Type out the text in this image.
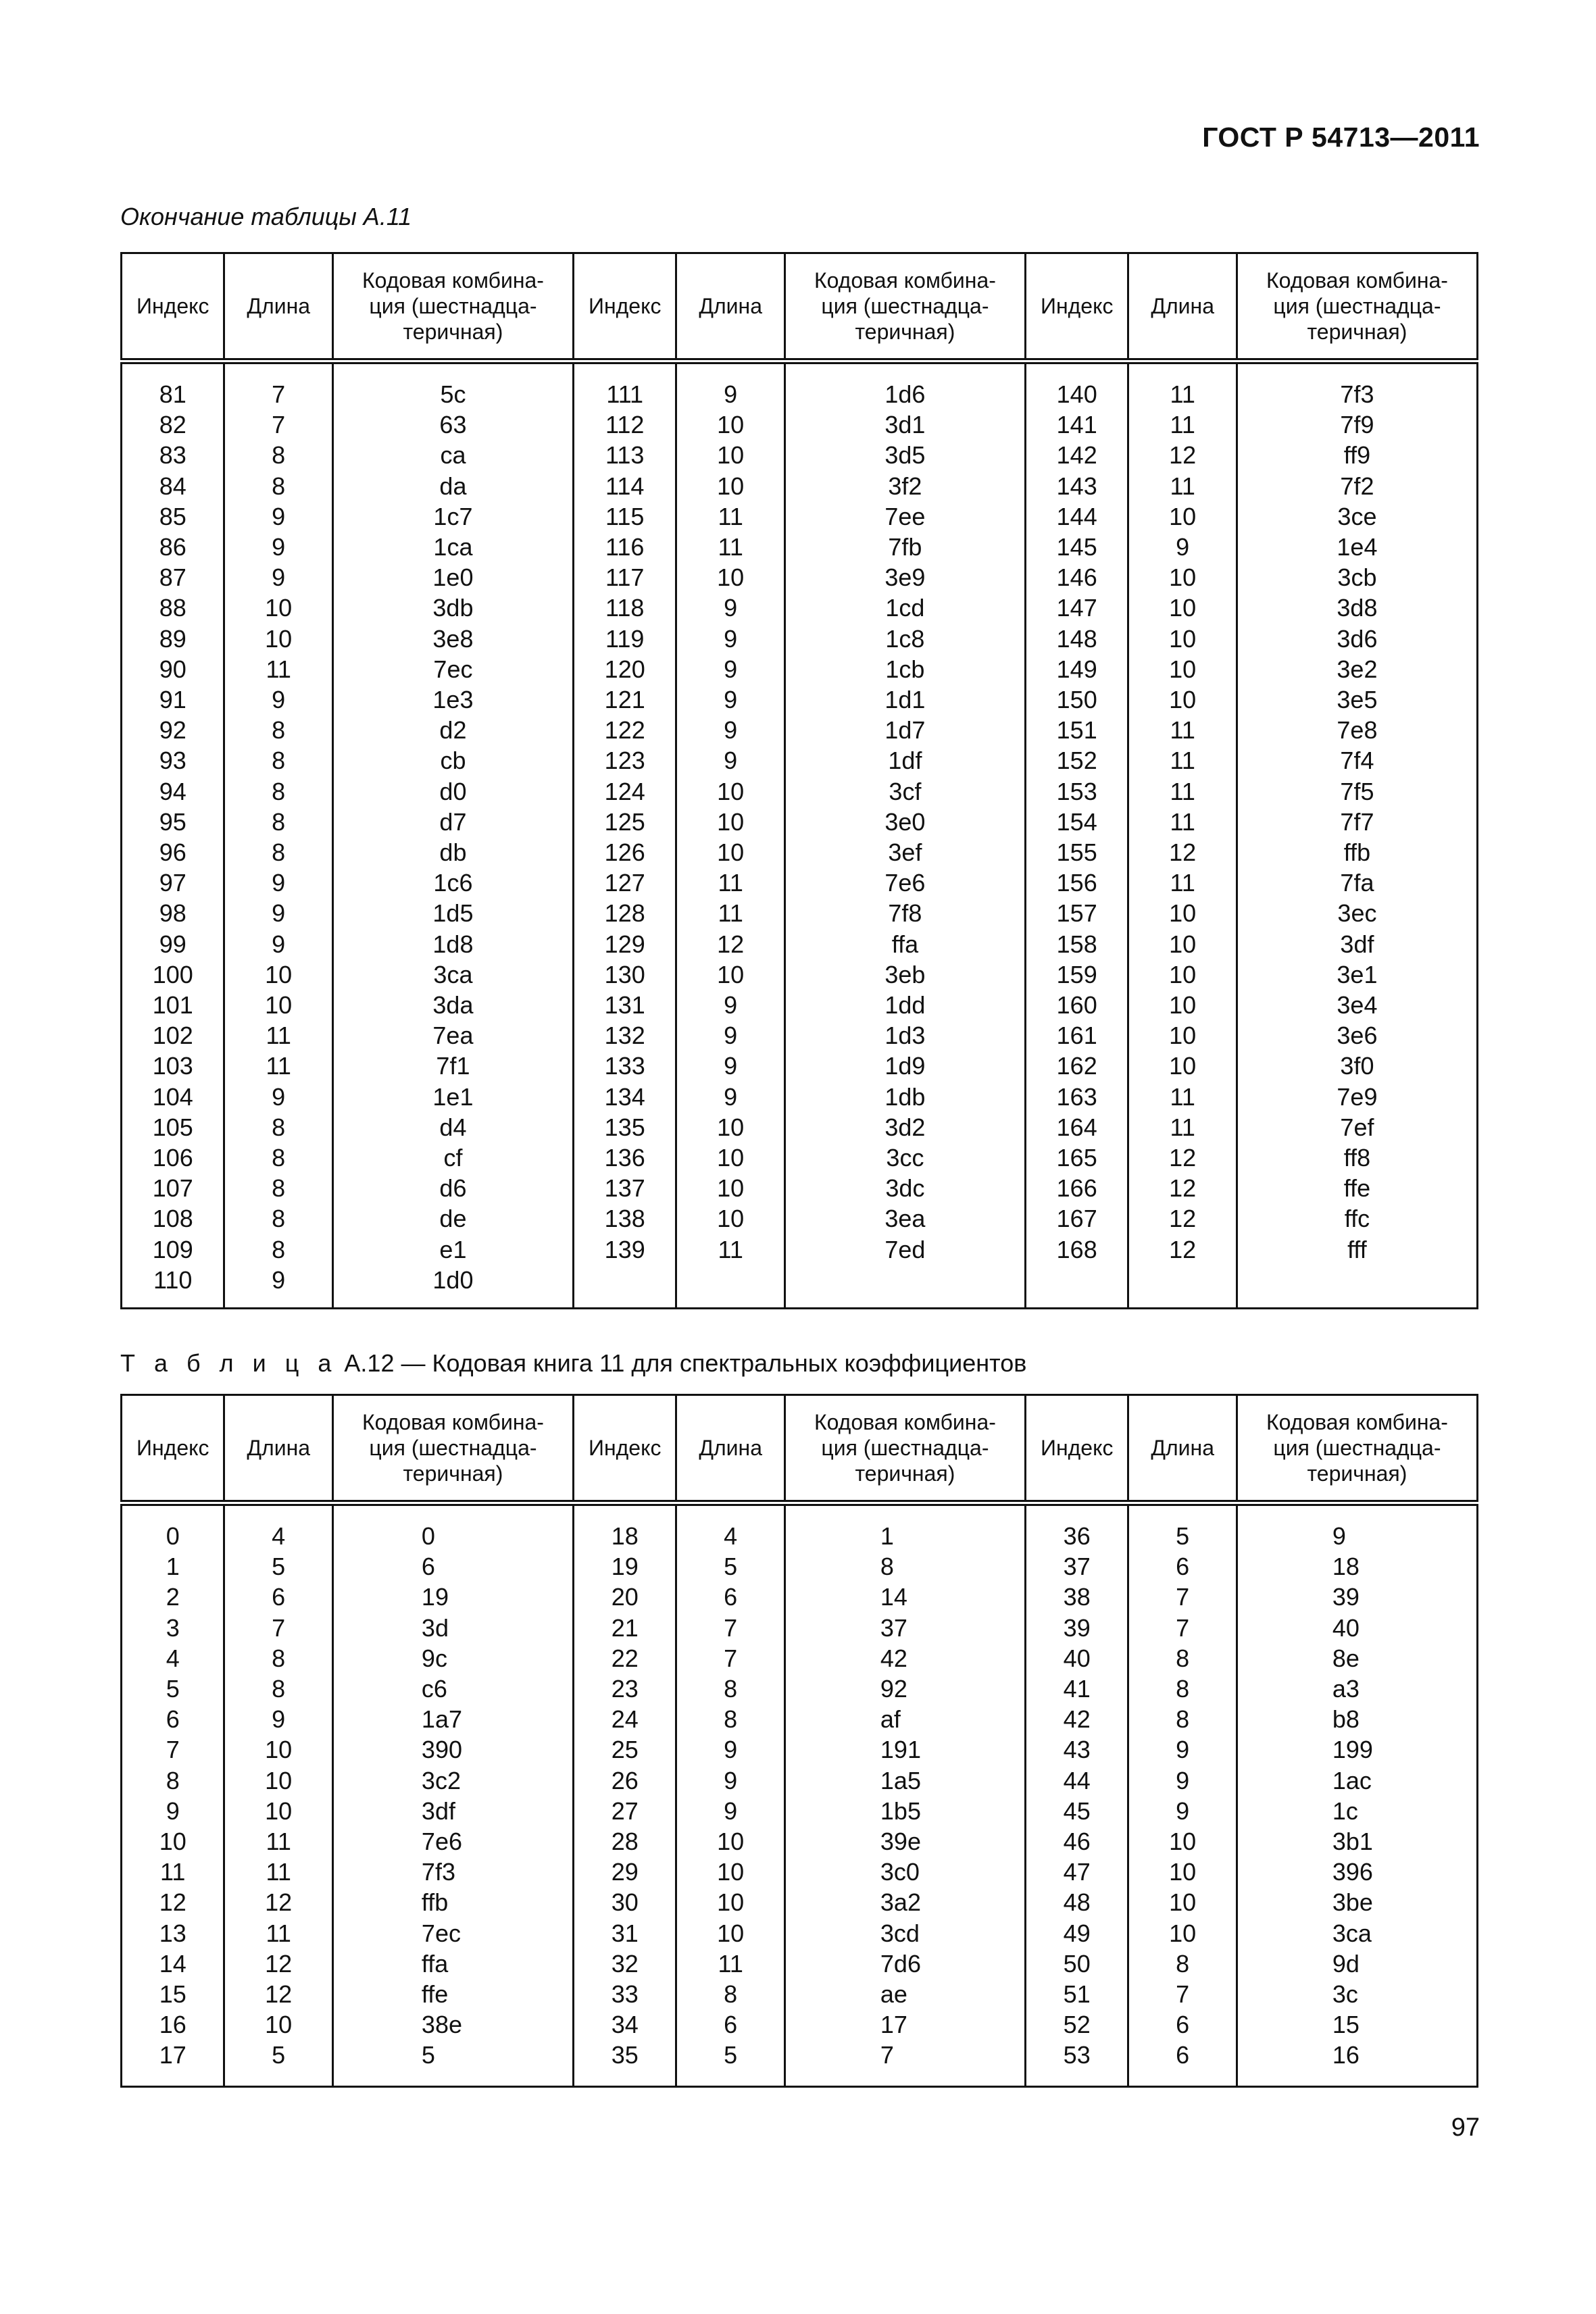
ГОСТ Р 54713—2011
Окончание таблицы А.11
Индекс	Длина	Кодовая комбина-
ция (шестнадца-
теричная)	Индекс	Длина	Кодовая комбина-
ция (шестнадца-
теричная)	Индекс	Длина	Кодовая комбина-
ция (шестнадца-
теричная)

81	7	5c	111	9	1d6	140	11	7f3
82	7	63	112	10	3d1	141	11	7f9
83	8	ca	113	10	3d5	142	12	ff9
84	8	da	114	10	3f2	143	11	7f2
85	9	1c7	115	11	7ee	144	10	3ce
86	9	1ca	116	11	7fb	145	9	1e4
87	9	1e0	117	10	3e9	146	10	3cb
88	10	3db	118	9	1cd	147	10	3d8
89	10	3e8	119	9	1c8	148	10	3d6
90	11	7ec	120	9	1cb	149	10	3e2
91	9	1e3	121	9	1d1	150	10	3e5
92	8	d2	122	9	1d7	151	11	7e8
93	8	cb	123	9	1df	152	11	7f4
94	8	d0	124	10	3cf	153	11	7f5
95	8	d7	125	10	3e0	154	11	7f7
96	8	db	126	10	3ef	155	12	ffb
97	9	1c6	127	11	7e6	156	11	7fa
98	9	1d5	128	11	7f8	157	10	3ec
99	9	1d8	129	12	ffa	158	10	3df
100	10	3ca	130	10	3eb	159	10	3e1
101	10	3da	131	9	1dd	160	10	3e4
102	11	7ea	132	9	1d3	161	10	3e6
103	11	7f1	133	9	1d9	162	10	3f0
104	9	1e1	134	9	1db	163	11	7e9
105	8	d4	135	10	3d2	164	11	7ef
106	8	cf	136	10	3cc	165	12	ff8
107	8	d6	137	10	3dc	166	12	ffe
108	8	de	138	10	3ea	167	12	ffc
109	8	e1	139	11	7ed	168	12	fff
110	9	1d0						

Т а б л и ц а А.12 — Кодовая книга 11 для спектральных коэффициентов
Индекс	Длина	Кодовая комбина-
ция (шестнадца-
теричная)	Индекс	Длина	Кодовая комбина-
ция (шестнадца-
теричная)	Индекс	Длина	Кодовая комбина-
ция (шестнадца-
теричная)

0	4	0	18	4	1	36	5	9
1	5	6	19	5	8	37	6	18
2	6	19	20	6	14	38	7	39
3	7	3d	21	7	37	39	7	40
4	8	9c	22	7	42	40	8	8e
5	8	c6	23	8	92	41	8	a3
6	9	1a7	24	8	af	42	8	b8
7	10	390	25	9	191	43	9	199
8	10	3c2	26	9	1a5	44	9	1ac
9	10	3df	27	9	1b5	45	9	1c
10	11	7e6	28	10	39e	46	10	3b1
11	11	7f3	29	10	3c0	47	10	396
12	12	ffb	30	10	3a2	48	10	3be
13	11	7ec	31	10	3cd	49	10	3ca
14	12	ffa	32	11	7d6	50	8	9d
15	12	ffe	33	8	ae	51	7	3c
16	10	38e	34	6	17	52	6	15
17	5	5	35	5	7	53	6	16

97
